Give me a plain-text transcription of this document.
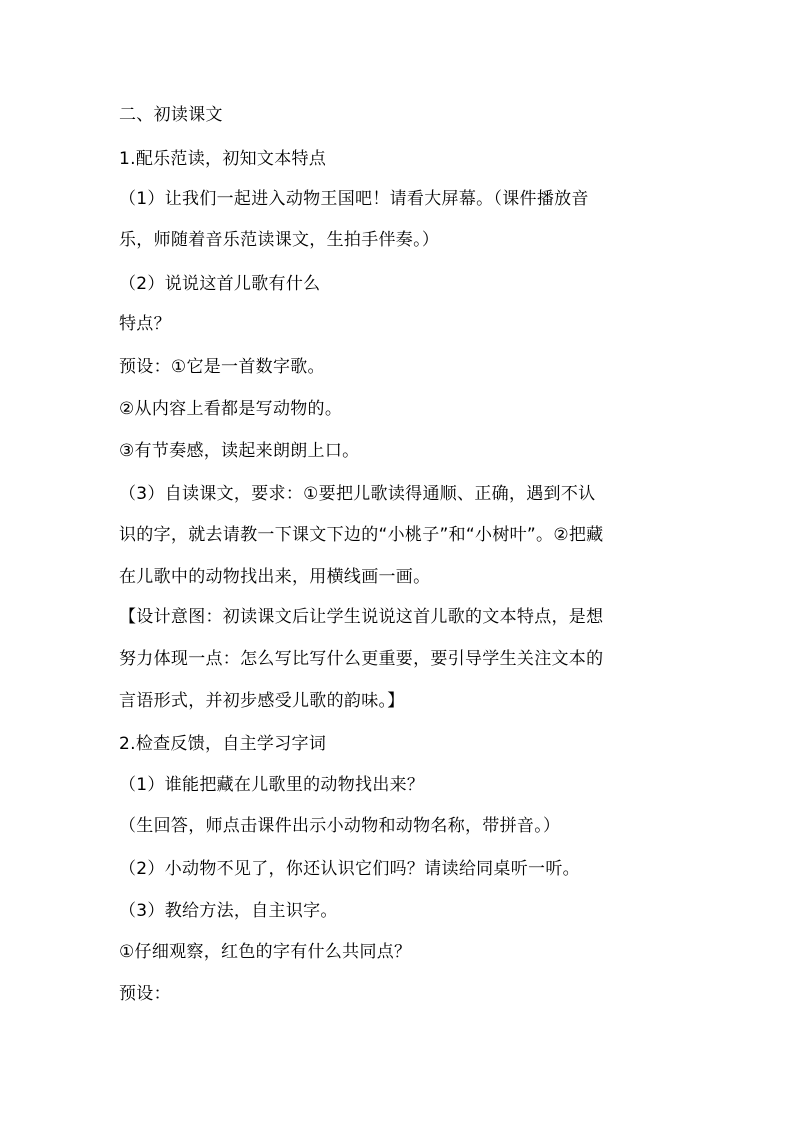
二、初读课文
1.配乐范读，初知文本特点
（1）让我们一起进入动物王国吧！请看大屏幕。（课件播放音
乐，师随着音乐范读课文，生拍手伴奏。）
（2）说说这首儿歌有什么
特点？
预设：①它是一首数字歌。
②从内容上看都是写动物的。
③有节奏感，读起来朗朗上口。
（3）自读课文，要求：①要把儿歌读得通顺、正确，遇到不认
识的字，就去请教一下课文下边的“小桃子”和“小树叶”。②把藏
在儿歌中的动物找出来，用横线画一画。
【设计意图：初读课文后让学生说说这首儿歌的文本特点，是想
努力体现一点：怎么写比写什么更重要，要引导学生关注文本的
言语形式，并初步感受儿歌的韵味。】
2.检查反馈，自主学习字词
（1）谁能把藏在儿歌里的动物找出来？
（生回答，师点击课件出示小动物和动物名称，带拼音。）
（2）小动物不见了，你还认识它们吗？请读给同桌听一听。
（3）教给方法，自主识字。
①仔细观察，红色的字有什么共同点？
预设：
